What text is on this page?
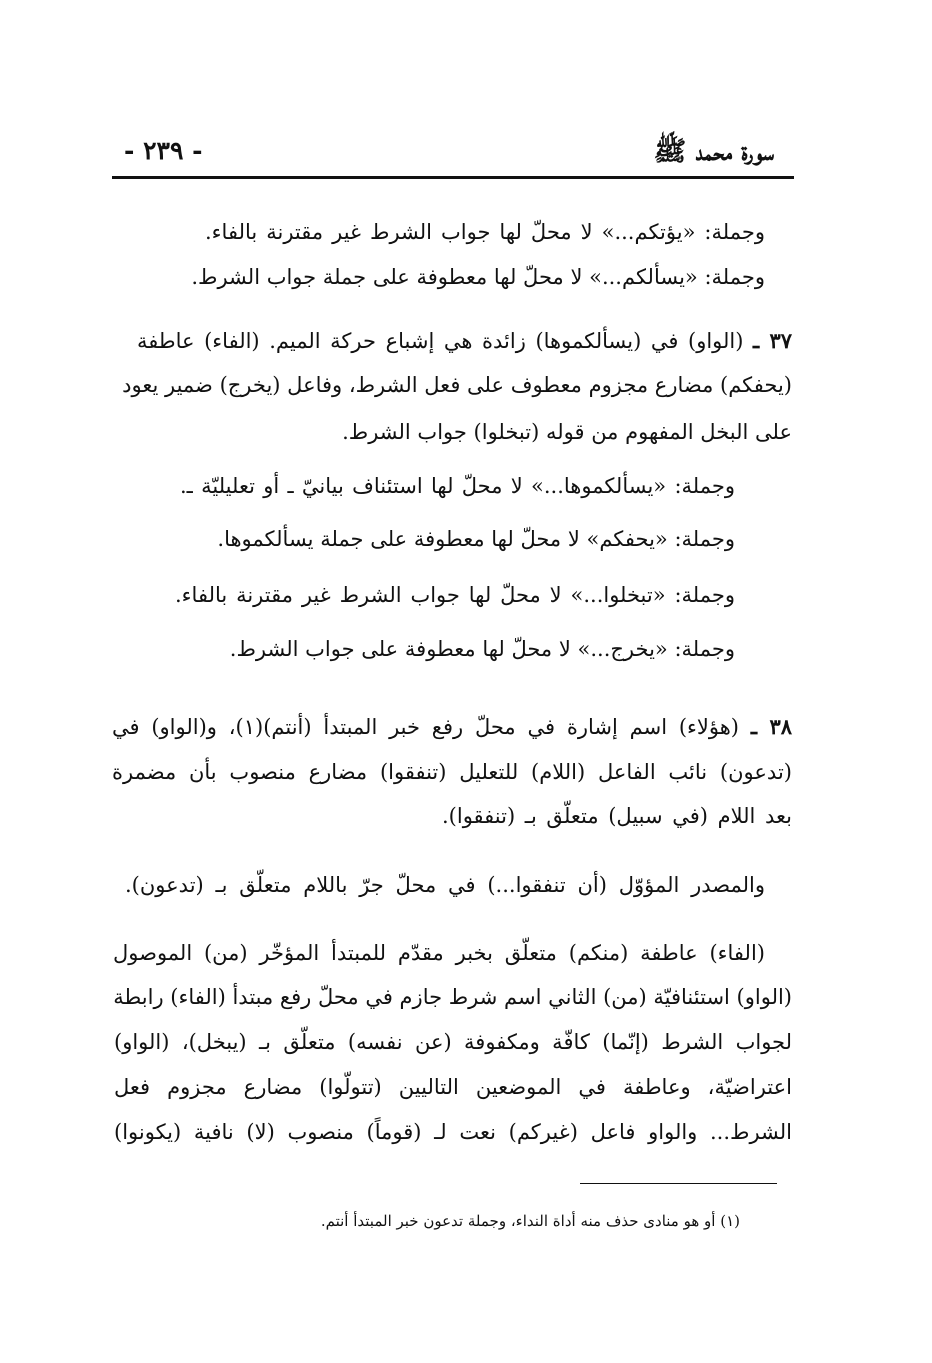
سورة محمد ﷺ
- ٢٣٩ -
وجملة: «يؤتكم...» لا محلّ لها جواب الشرط غير مقترنة بالفاء.
وجملة: «يسألكم...» لا محلّ لها معطوفة على جملة جواب الشرط.
٣٧ ـ (الواو) في (يسألكموها) زائدة هي إشباع حركة الميم. (الفاء) عاطفة
(يحفكم) مضارع مجزوم معطوف على فعل الشرط، وفاعل (يخرج) ضمير يعود
على البخل المفهوم من قوله (تبخلوا) جواب الشرط.
وجملة: «يسألكموها...» لا محلّ لها استئناف بيانيّ ـ أو تعليليّة ـ.
وجملة: «يحفكم» لا محلّ لها معطوفة على جملة يسألكموها.
وجملة: «تبخلوا...» لا محلّ لها جواب الشرط غير مقترنة بالفاء.
وجملة: «يخرج...» لا محلّ لها معطوفة على جواب الشرط.
٣٨ ـ (هؤلاء) اسم إشارة في محلّ رفع خبر المبتدأ (أنتم)(١)، و(الواو) في
(تدعون) نائب الفاعل (اللام) للتعليل (تنفقوا) مضارع منصوب بأن مضمرة
بعد اللام (في سبيل) متعلّق بـ (تنفقوا).
والمصدر المؤوّل (أن تنفقوا...) في محلّ جرّ باللام متعلّق بـ (تدعون).
(الفاء) عاطفة (منكم) متعلّق بخبر مقدّم للمبتدأ المؤخّر (من) الموصول
(الواو) استئنافيّة (من) الثاني اسم شرط جازم في محلّ رفع مبتدأ (الفاء) رابطة
لجواب الشرط (إنّما) كافّة ومكفوفة (عن نفسه) متعلّق بـ (يبخل)، (الواو)
اعتراضيّة، وعاطفة في الموضعين التاليين (تتولّوا) مضارع مجزوم فعل
الشرط... والواو فاعل (غيركم) نعت لـ (قوماً) منصوب (لا) نافية (يكونوا)
(١) أو هو منادى حذف منه أداة النداء، وجملة تدعون خبر المبتدأ أنتم.
